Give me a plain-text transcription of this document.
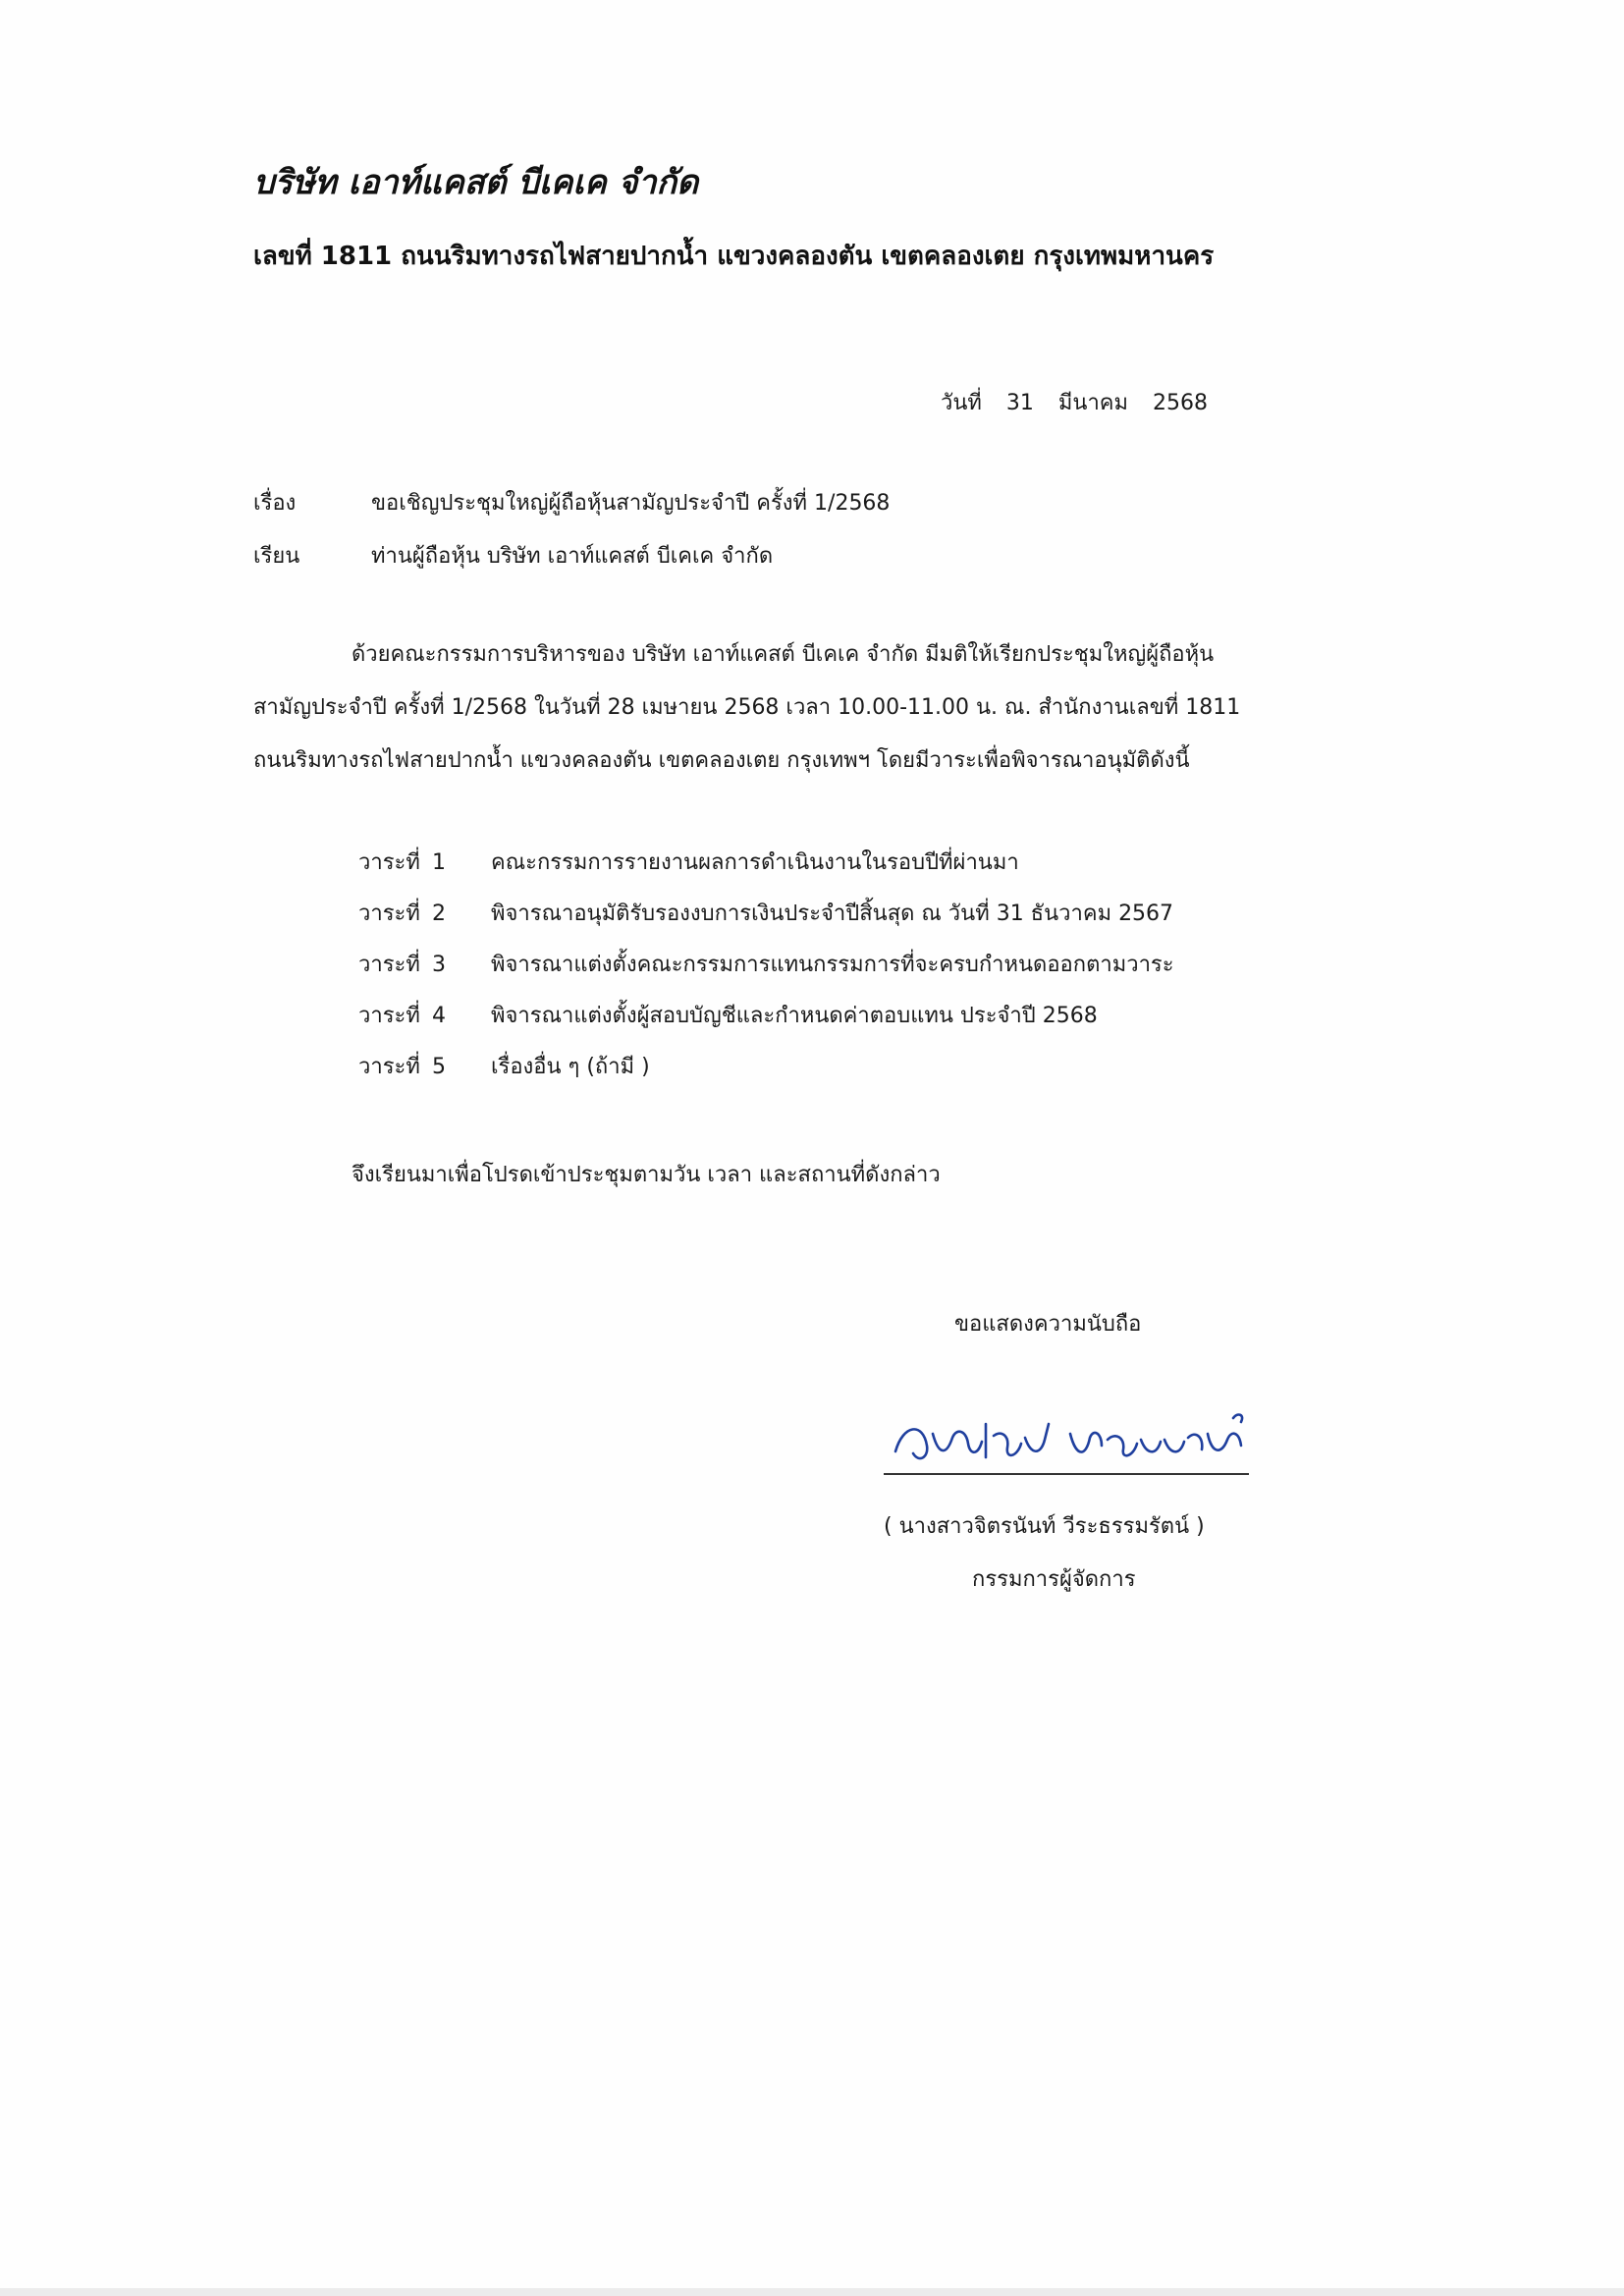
บริษัท เอาท์แคสต์ บีเคเค จำกัด
เลขที่ 1811 ถนนริมทางรถไฟสายปากน้ำ แขวงคลองตัน เขตคลองเตย กรุงเทพมหานคร
วันที่ 31 มีนาคม 2568
เรื่อง	ขอเชิญประชุมใหญ่ผู้ถือหุ้นสามัญประจำปี ครั้งที่ 1/2568
เรียน	ท่านผู้ถือหุ้น บริษัท เอาท์แคสต์ บีเคเค จำกัด
ด้วยคณะกรรมการบริหารของ บริษัท เอาท์แคสต์ บีเคเค จำกัด มีมติให้เรียกประชุมใหญ่ผู้ถือหุ้น
สามัญประจำปี ครั้งที่ 1/2568 ในวันที่ 28 เมษายน 2568 เวลา 10.00-11.00 น. ณ. สำนักงานเลขที่ 1811
ถนนริมทางรถไฟสายปากน้ำ แขวงคลองตัน เขตคลองเตย กรุงเทพฯ โดยมีวาระเพื่อพิจารณาอนุมัติดังนี้
วาระที่ 1 คณะกรรมการรายงานผลการดำเนินงานในรอบปีที่ผ่านมา
วาระที่ 2 พิจารณาอนุมัติรับรองงบการเงินประจำปีสิ้นสุด ณ วันที่ 31 ธันวาคม 2567
วาระที่ 3 พิจารณาแต่งตั้งคณะกรรมการแทนกรรมการที่จะครบกำหนดออกตามวาระ
วาระที่ 4 พิจารณาแต่งตั้งผู้สอบบัญชีและกำหนดค่าตอบแทน ประจำปี 2568
วาระที่ 5 เรื่องอื่น ๆ (ถ้ามี )
จึงเรียนมาเพื่อโปรดเข้าประชุมตามวัน เวลา และสถานที่ดังกล่าว
ขอแสดงความนับถือ
( นางสาวจิตรนันท์ วีระธรรมรัตน์ )
กรรมการผู้จัดการ
